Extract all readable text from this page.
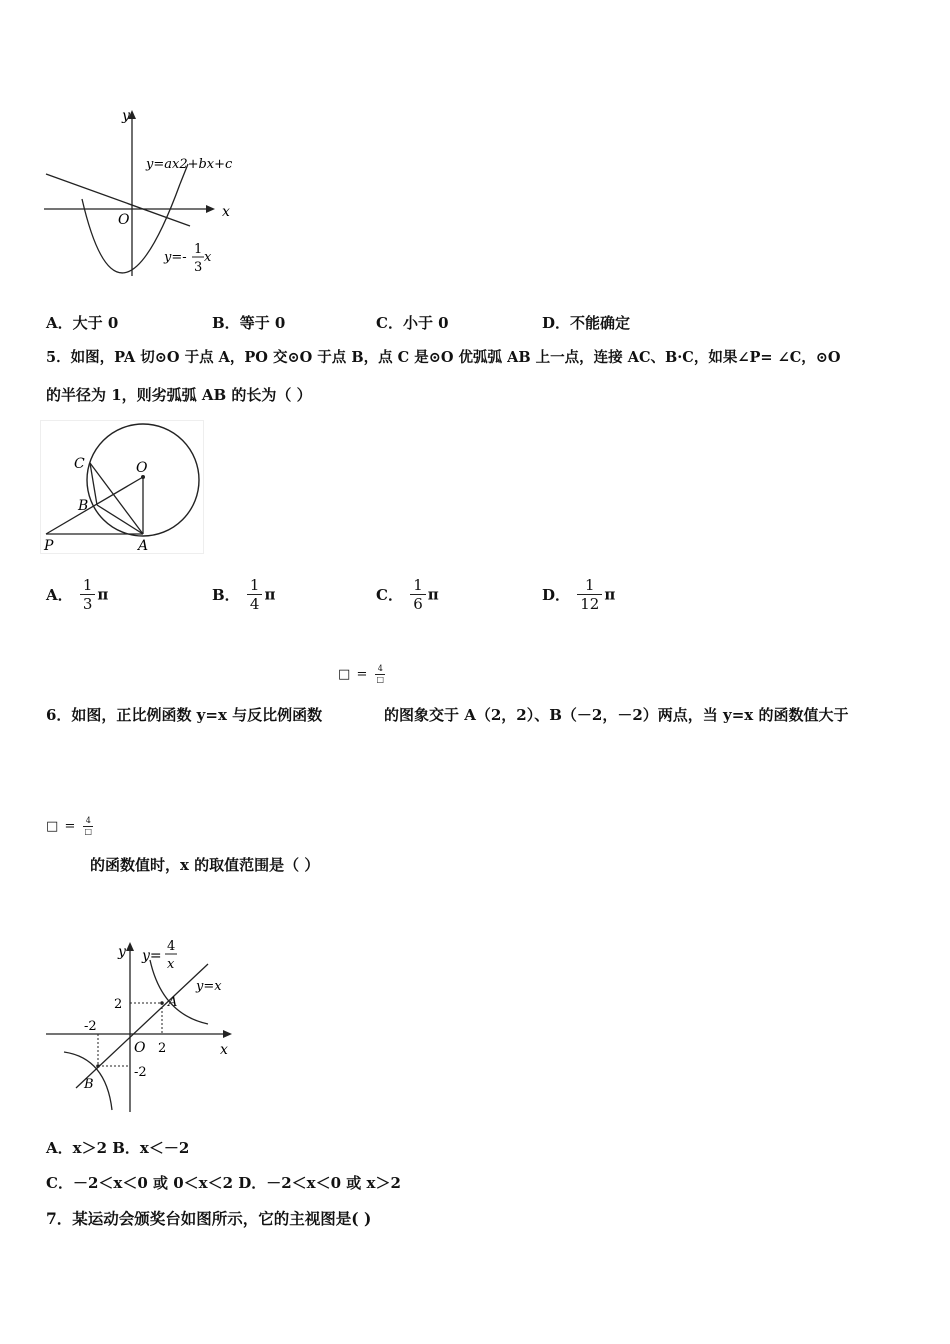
y
x
O
y=ax2+bx+c
y=-
1
3
x
A．大于 0	B．等于 0	C．小于 0	D．不能确定
5．如图，PA 切⊙O 于点 A，PO 交⊙O 于点 B，点 C 是⊙O 优弧弧 AB 上一点，连接 AC、B·C，如果∠P= ∠C，⊙O
的半径为 1，则劣弧弧 AB 的长为（ ）
C	O
B
P	A
A． $\frac{1}{3}$ π	B． $\frac{1}{4}$ π	C． $\frac{1}{6}$ π	D． $\frac{1}{12}$ π
□ = $\frac{4}{□}$
6．如图，正比例函数 y=x 与反比例函数	的图象交于 A（2，2）、B（－2，－2）两点，当 y=x 的函数值大于
□ = $\frac{4}{□}$
的函数值时，x 的取值范围是（ ）
y
x
O
y=
4
x
y=x
2
-2
2
-2
A
B
A．x＞2 B．x＜－2
C．－2＜x＜0 或 0＜x＜2 D．－2＜x＜0 或 x＞2
7．某运动会颁奖台如图所示，它的主视图是( )
